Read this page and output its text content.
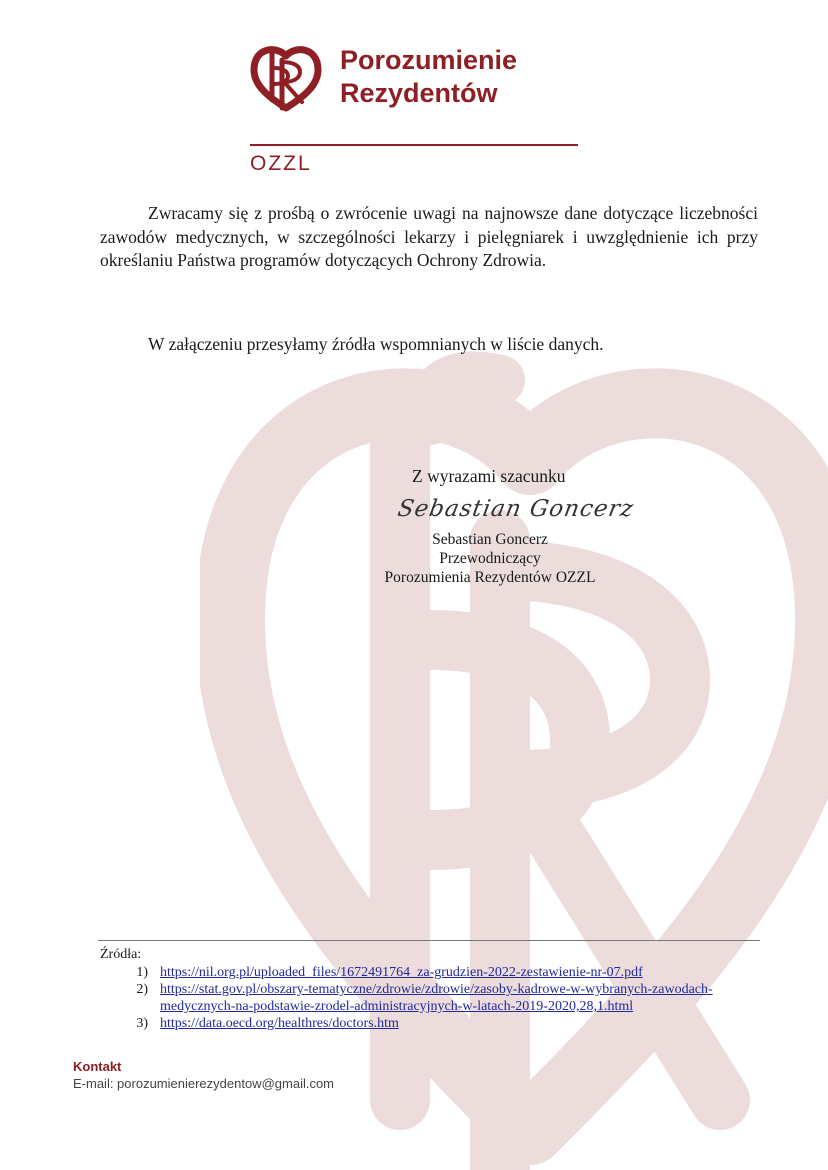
Porozumienie
Rezydentów
OZZL

Zwracamy się z prośbą o zwrócenie uwagi na najnowsze dane dotyczące liczebności zawodów medycznych, w szczególności lekarzy i pielęgniarek i uwzględnienie ich przy określaniu Państwa programów dotyczących Ochrony Zdrowia.

W załączeniu przesyłamy źródła wspomnianych w liście danych.

Z wyrazami szacunku
Sebastian Goncerz
Sebastian Goncerz
Przewodniczący
Porozumienia Rezydentów OZZL
Źródła:
1) https://nil.org.pl/uploaded_files/1672491764_za-grudzien-2022-zestawienie-nr-07.pdf
2) https://stat.gov.pl/obszary-tematyczne/zdrowie/zdrowie/zasoby-kadrowe-w-wybranych-zawodach-
medycznych-na-podstawie-zrodel-administracyjnych-w-latach-2019-2020,28,1.html
3) https://data.oecd.org/healthres/doctors.htm
Kontakt
E-mail: porozumienierezydentow@gmail.com
